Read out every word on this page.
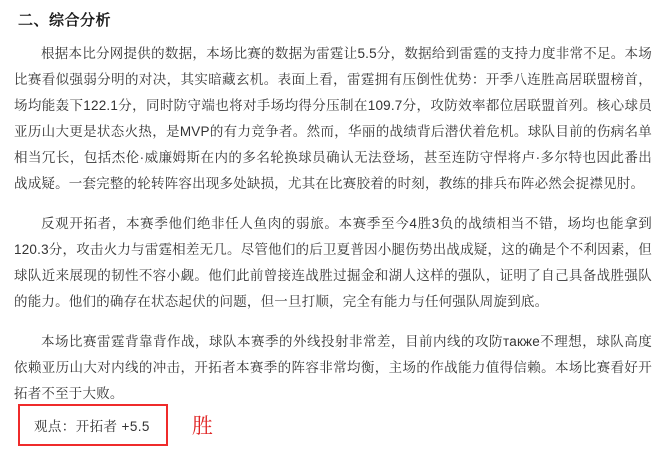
二、综合分析

根据本比分网提供的数据，本场比赛的数据为雷霆让5.5分，数据给到雷霆的支持力度非常不足。本场比赛看似强弱分明的对决，其实暗藏玄机。表面上看，雷霆拥有压倒性优势：开季八连胜高居联盟榜首，场均能轰下122.1分，同时防守端也将对手场均得分压制在109.7分，攻防效率都位居联盟首列。核心球员亚历山大更是状态火热，是MVP的有力竞争者。然而，华丽的战绩背后潜伏着危机。球队目前的伤病名单相当冗长，包括杰伦·威廉姆斯在内的多名轮换球员确认无法登场，甚至连防守悍将卢·多尔特也因此番出战成疑。一套完整的轮转阵容出现多处缺损，尤其在比赛胶着的时刻，教练的排兵布阵必然会捉襟见肘。

反观开拓者，本赛季他们绝非任人鱼肉的弱旅。本赛季至今4胜3负的战绩相当不错，场均也能拿到120.3分，攻击火力与雷霆相差无几。尽管他们的后卫夏普因小腿伤势出战成疑，这的确是个不利因素，但球队近来展现的韧性不容小觑。他们此前曾接连战胜过掘金和湖人这样的强队，证明了自己具备战胜强队的能力。他们的确存在状态起伏的问题，但一旦打顺，完全有能力与任何强队周旋到底。

本场比赛雷霆背靠背作战，球队本赛季的外线投射非常差，目前内线的攻防также不理想，球队高度依赖亚历山大对内线的冲击，开拓者本赛季的阵容非常均衡，主场的作战能力值得信赖。本场比赛看好开拓者不至于大败。

观点：开拓者 +5.5	胜
